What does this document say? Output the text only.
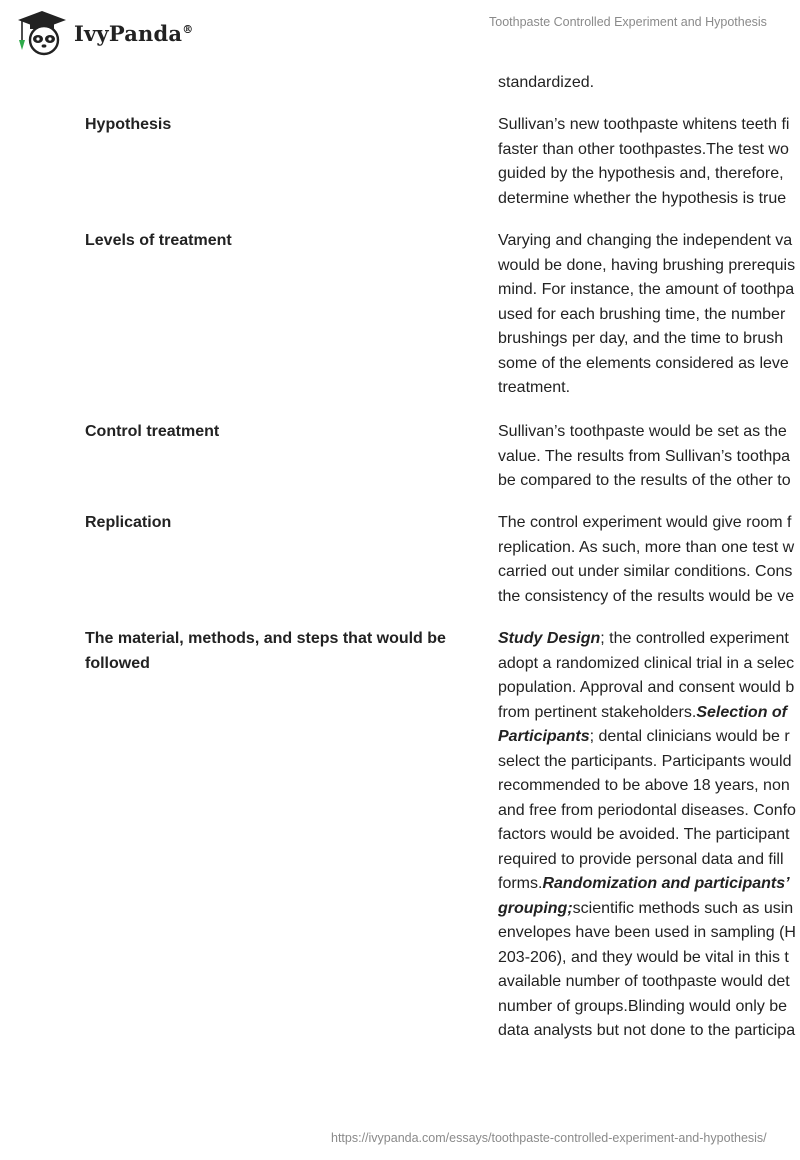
IvyPanda®	Toothpaste Controlled Experiment and Hypothesis
standardized.
Hypothesis	Sullivan’s new toothpaste whitens teeth fi
faster than other toothpastes.The test wo
guided by the hypothesis and, therefore,
determine whether the hypothesis is true
Levels of treatment	Varying and changing the independent va
would be done, having brushing prerequis
mind. For instance, the amount of toothpa
used for each brushing time, the number
brushings per day, and the time to brush
some of the elements considered as leve
treatment.
Control treatment	Sullivan’s toothpaste would be set as the
value. The results from Sullivan’s toothpa
be compared to the results of the other to
Replication	The control experiment would give room f
replication. As such, more than one test w
carried out under similar conditions. Cons
the consistency of the results would be ve
The material, methods, and steps that would be followed
Study Design; the controlled experiment
adopt a randomized clinical trial in a selec
population. Approval and consent would b
from pertinent stakeholders.Selection of
Participants; dental clinicians would be r
select the participants. Participants would
recommended to be above 18 years, non
and free from periodontal diseases. Confo
factors would be avoided. The participant
required to provide personal data and fill
forms.Randomization and participants’
grouping;scientific methods such as usin
envelopes have been used in sampling (H
203-206), and they would be vital in this t
available number of toothpaste would det
number of groups.Blinding would only be
data analysts but not done to the participa
https://ivypanda.com/essays/toothpaste-controlled-experiment-and-hypothesis/
